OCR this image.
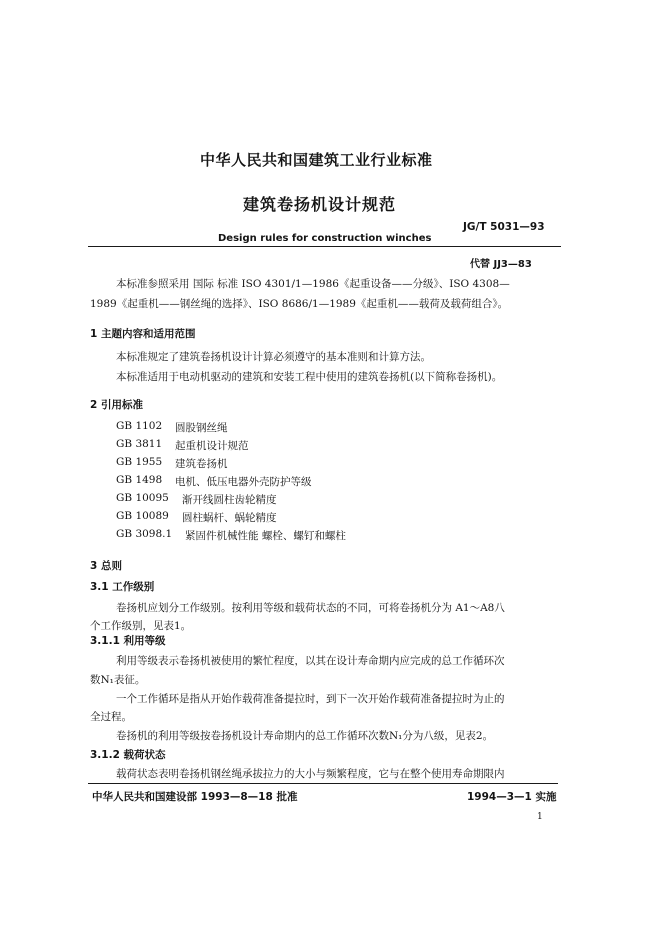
中华人民共和国建筑工业行业标准
建筑卷扬机设计规范
Design rules for construction winches
JG/T 5031—93
代替 JJ3—83
本标准参照采用 国际 标准 ISO 4301/1—1986《起重设备——分级》、ISO 4308—
1989《起重机——钢丝绳的选择》、ISO 8686/1—1989《起重机——载荷及载荷组合》。
1 主题内容和适用范围
本标准规定了建筑卷扬机设计计算必须遵守的基本准则和计算方法。
本标准适用于电动机驱动的建筑和安装工程中使用的建筑卷扬机(以下简称卷扬机)。
2 引用标准
GB 1102 圆股钢丝绳
GB 3811 起重机设计规范
GB 1955 建筑卷扬机
GB 1498 电机、低压电器外壳防护等级
GB 10095 渐开线圆柱齿轮精度
GB 10089 圆柱蜗杆、蜗轮精度
GB 3098.1 紧固件机械性能 螺栓、螺钉和螺柱
3 总则
3.1 工作级别
卷扬机应划分工作级别。按利用等级和载荷状态的不同，可将卷扬机分为 A1～A8八
个工作级别，见表1。
3.1.1 利用等级
利用等级表示卷扬机被使用的繁忙程度，以其在设计寿命期内应完成的总工作循环次
数N₁表征。
一个工作循环是指从开始作载荷准备提拉时，到下一次开始作载荷准备提拉时为止的
全过程。
卷扬机的利用等级按卷扬机设计寿命期内的总工作循环次数N₁分为八级，见表2。
3.1.2 载荷状态
载荷状态表明卷扬机钢丝绳承拔拉力的大小与频繁程度，它与在整个使用寿命期限内
中华人民共和国建设部 1993—8—18 批准	1994—3—1 实施
1
